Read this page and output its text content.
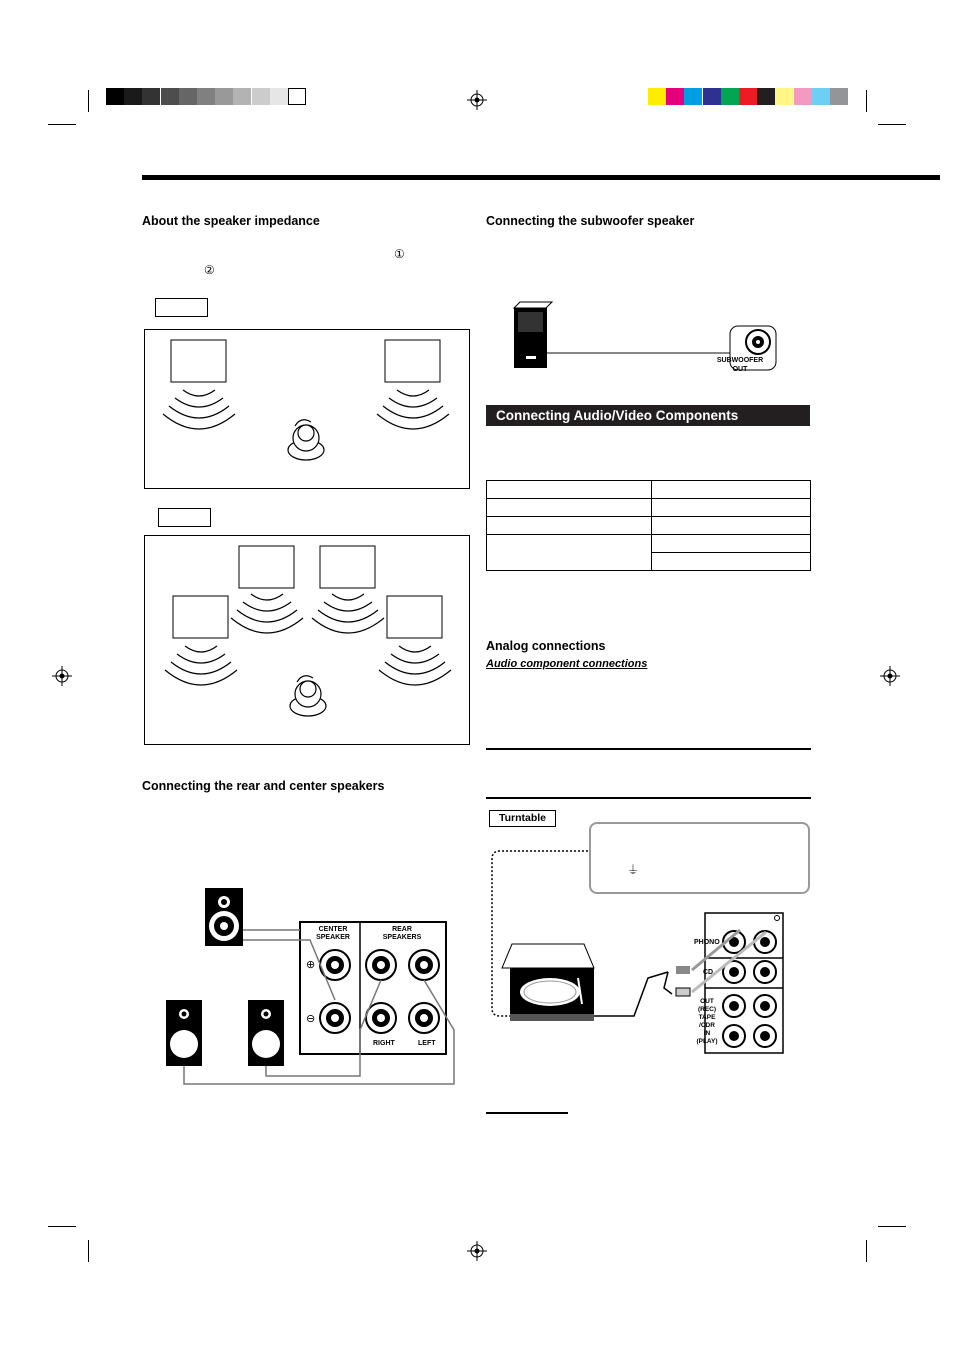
About the speaker impedance
①
②
Connecting the rear and center speakers
CENTER
SPEAKER
REAR
SPEAKERS
⊕
⊖
RIGHT	LEFT
Connecting the subwoofer speaker
SUBWOOFER
OUT
Connecting Audio/Video Components

Analog connections
Audio component connections
Turntable
⏚
PHONO
CD
OUT
(REC)
TAPE
/CDR
IN
(PLAY)
